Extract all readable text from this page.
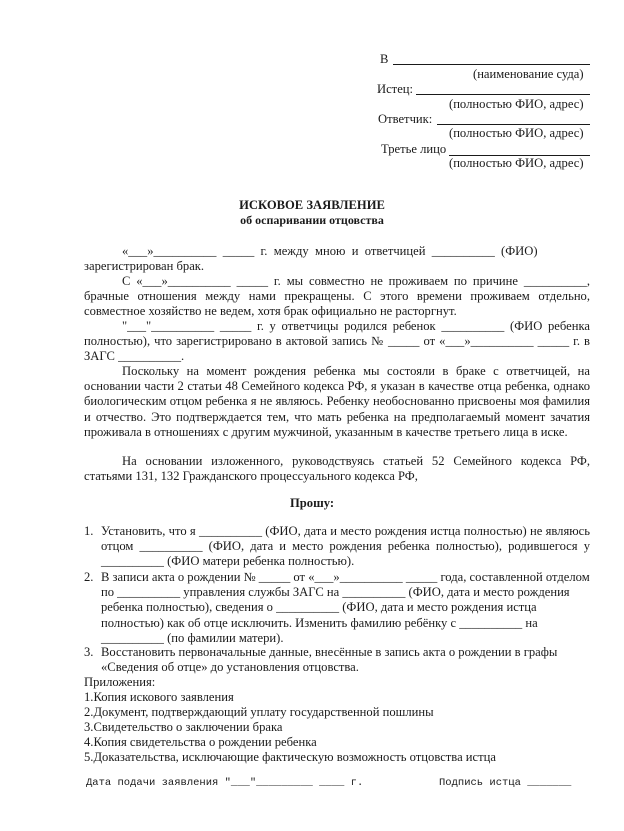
В
(наименование суда)
Истец:
(полностью ФИО, адрес)
Ответчик:
(полностью ФИО, адрес)
Третье лицо
(полностью ФИО, адрес)
ИСКОВОЕ ЗАЯВЛЕНИЕ
об оспаривании отцовства
«___»__________  _____  г.  между  мною  и  ответчицей  __________  (ФИО)
зарегистрирован брак.
С «___»__________ _____ г. мы совместно не проживаем по причине __________, брачные отношения между нами прекращены. С этого времени проживаем отдельно, совместное хозяйство не ведем, хотя брак официально не расторгнут.
"___"__________ _____ г. у ответчицы родился ребенок __________ (ФИО ребенка полностью), что зарегистрировано в актовой запись № _____ от «___»__________ _____ г. в ЗАГС __________.
Поскольку на момент рождения ребенка мы состояли в браке с ответчицей, на основании части 2 статьи 48 Семейного кодекса РФ, я указан в качестве отца ребенка, однако биологическим отцом ребенка я не являюсь. Ребенку необоснованно присвоены моя фамилия и отчество. Это подтверждается тем, что мать ребенка на предполагаемый момент зачатия проживала в отношениях с другим мужчиной, указанным в качестве третьего лица в иске.
На основании изложенного, руководствуясь статьей 52 Семейного кодекса РФ, статьями 131, 132 Гражданского процессуального кодекса РФ,
Прошу:
1. Установить, что я __________ (ФИО, дата и место рождения истца полностью) не являюсь отцом __________ (ФИО, дата и место рождения ребенка полностью), родившегося у __________ (ФИО матери ребенка полностью).
2. В записи акта о рождении № _____ от «___»__________ _____ года, составленной отделом по __________ управления службы ЗАГС на __________ (ФИО, дата и место рождения ребенка полностью), сведения о __________ (ФИО, дата и место рождения истца полностью) как об отце исключить. Изменить фамилию ребёнку с __________ на __________ (по фамилии матери).
3. Восстановить первоначальные данные, внесённые в запись акта о рождении в графы «Сведения об отце» до установления отцовства.
Приложения:
1.Копия искового заявления
2.Документ, подтверждающий уплату государственной пошлины
3.Свидетельство о заключении брака
4.Копия свидетельства о рождении ребенка
5.Доказательства, исключающие фактическую возможность отцовства истца
Дата подачи заявления "___"_________ ____ г.	Подпись истца _______
